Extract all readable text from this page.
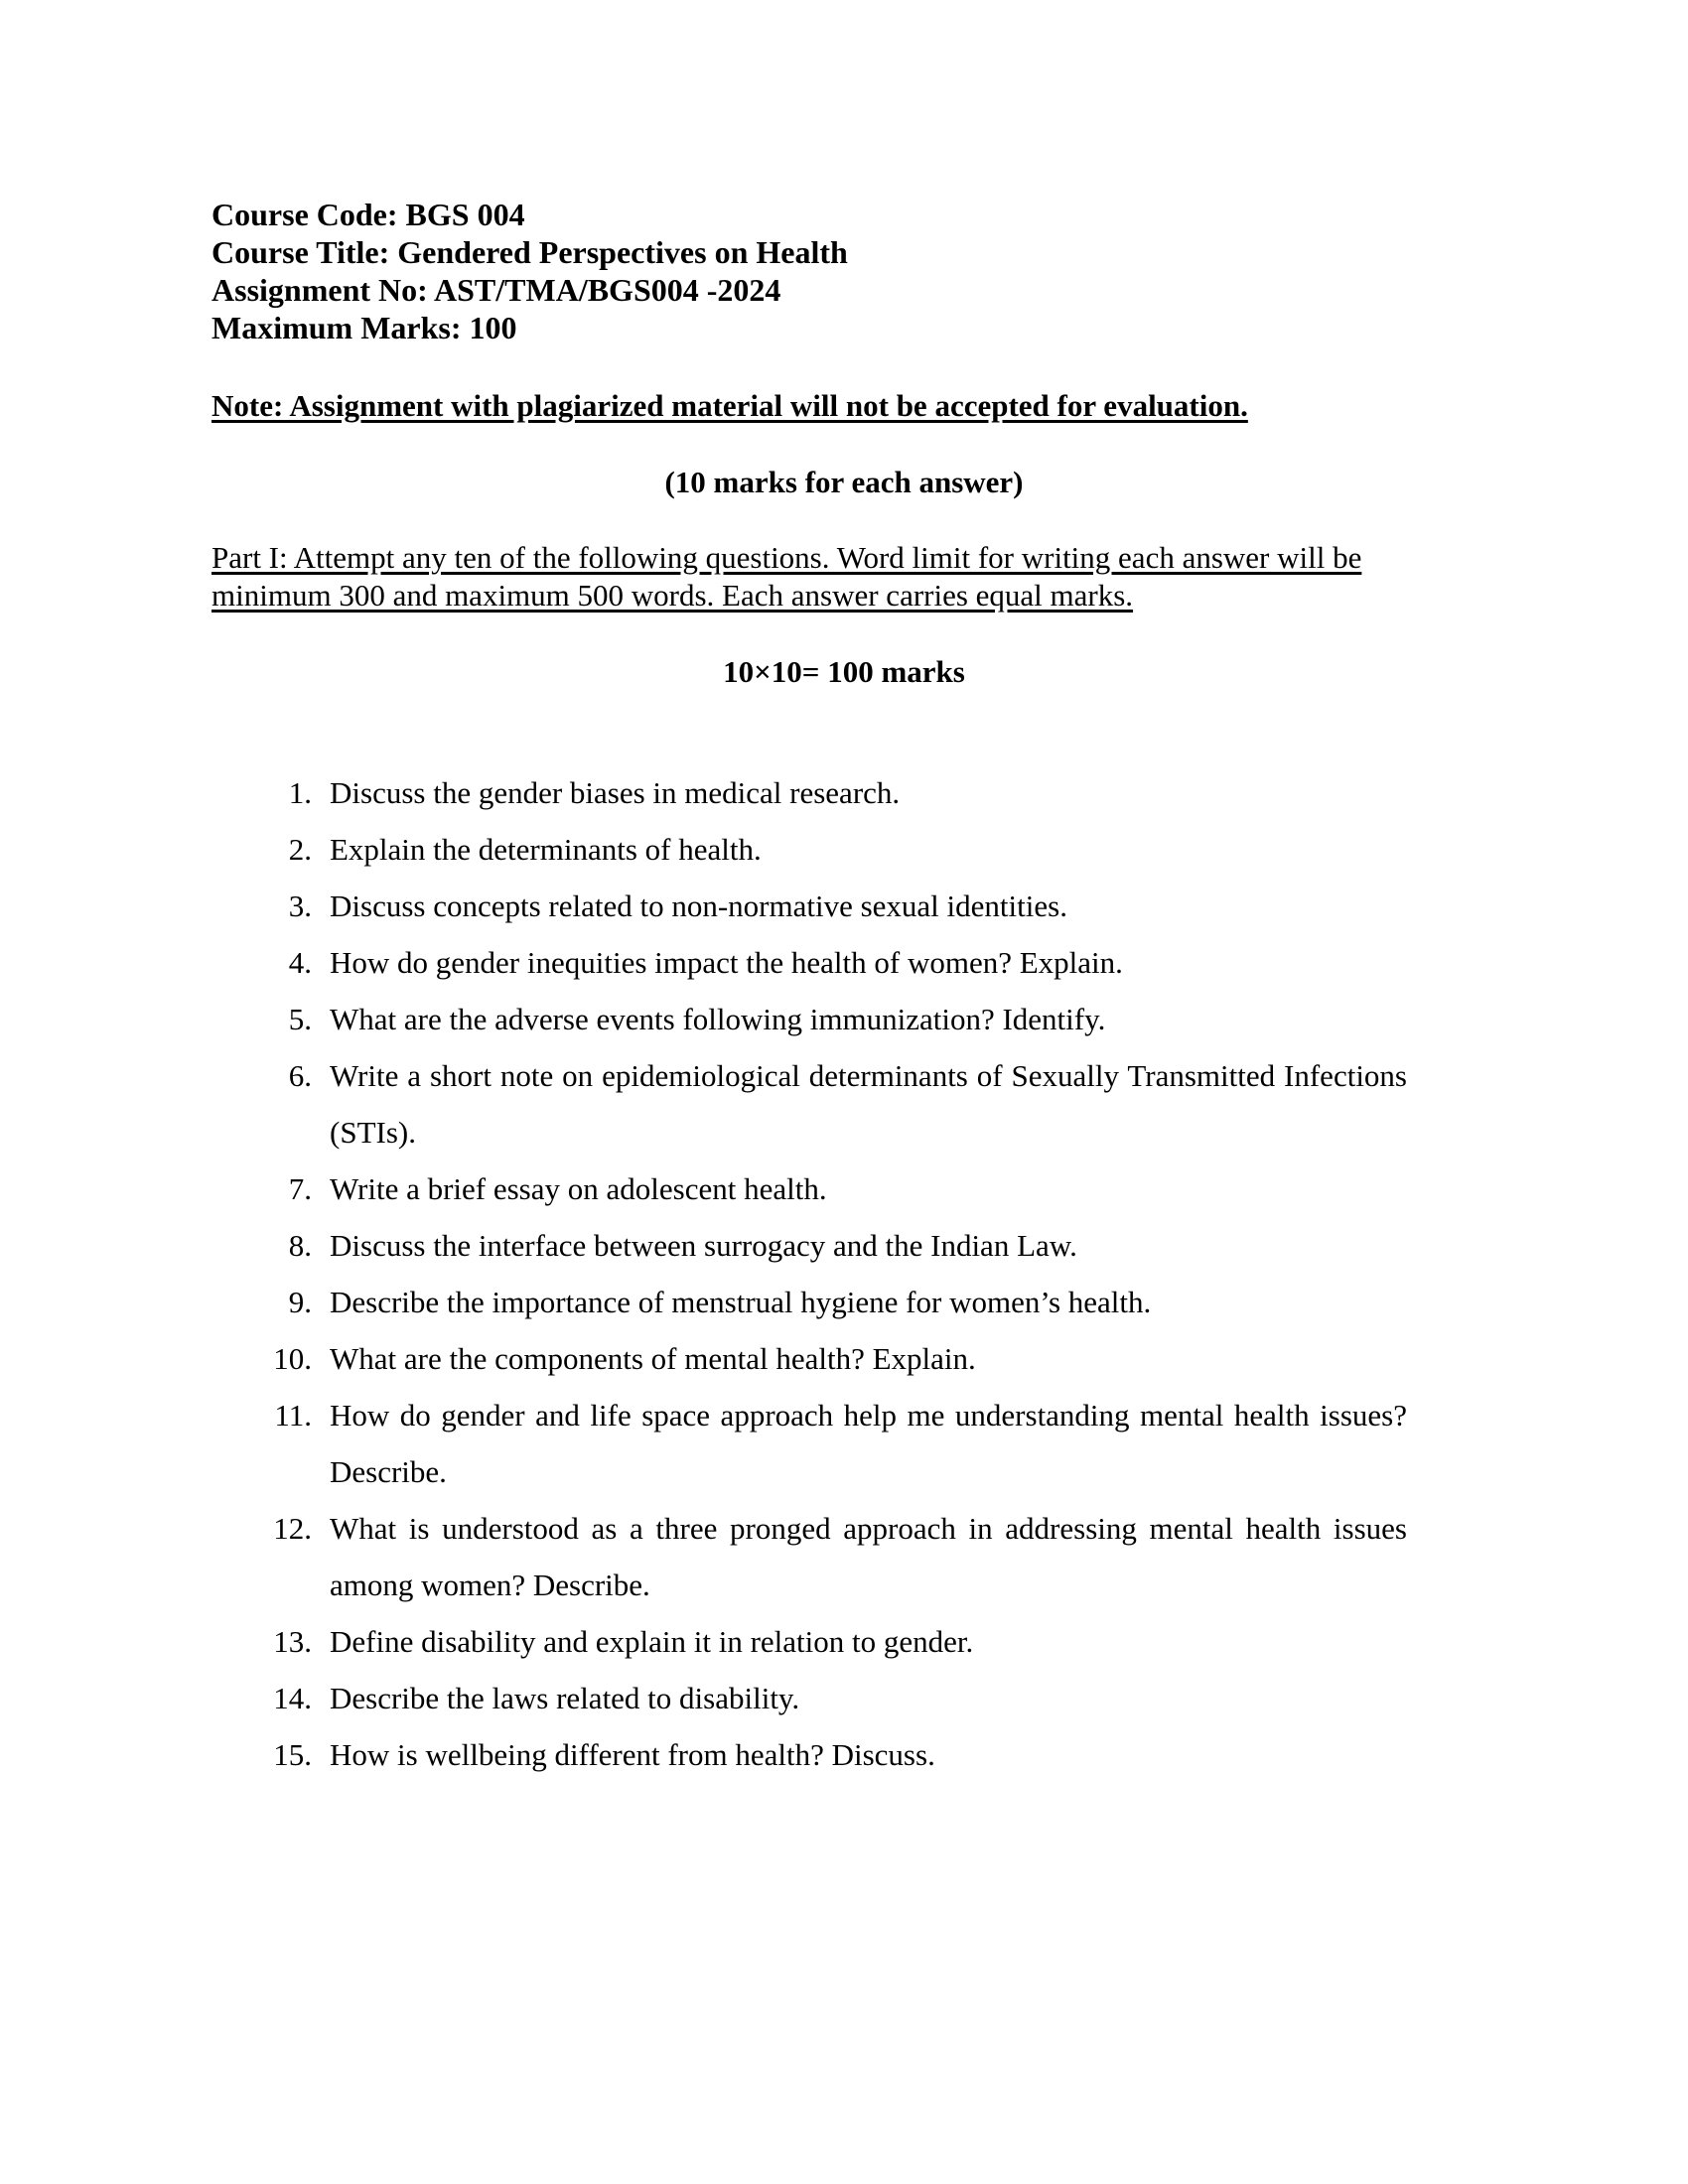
Course Code: BGS 004
Course Title: Gendered Perspectives on Health
Assignment No: AST/TMA/BGS004 -2024
Maximum Marks: 100
Note: Assignment with plagiarized material will not be accepted for evaluation.
(10 marks for each answer)
Part I: Attempt any ten of the following questions. Word limit for writing each answer will be minimum 300 and maximum 500 words. Each answer carries equal marks.
10×10= 100 marks
1. Discuss the gender biases in medical research.
2. Explain the determinants of health.
3. Discuss concepts related to non-normative sexual identities.
4. How do gender inequities impact the health of women? Explain.
5. What are the adverse events following immunization? Identify.
6. Write a short note on epidemiological determinants of Sexually Transmitted Infections (STIs).
7. Write a brief essay on adolescent health.
8. Discuss the interface between surrogacy and the Indian Law.
9. Describe the importance of menstrual hygiene for women’s health.
10. What are the components of mental health? Explain.
11. How do gender and life space approach help me understanding mental health issues? Describe.
12. What is understood as a three pronged approach in addressing mental health issues among women? Describe.
13. Define disability and explain it in relation to gender.
14. Describe the laws related to disability.
15. How is wellbeing different from health? Discuss.
